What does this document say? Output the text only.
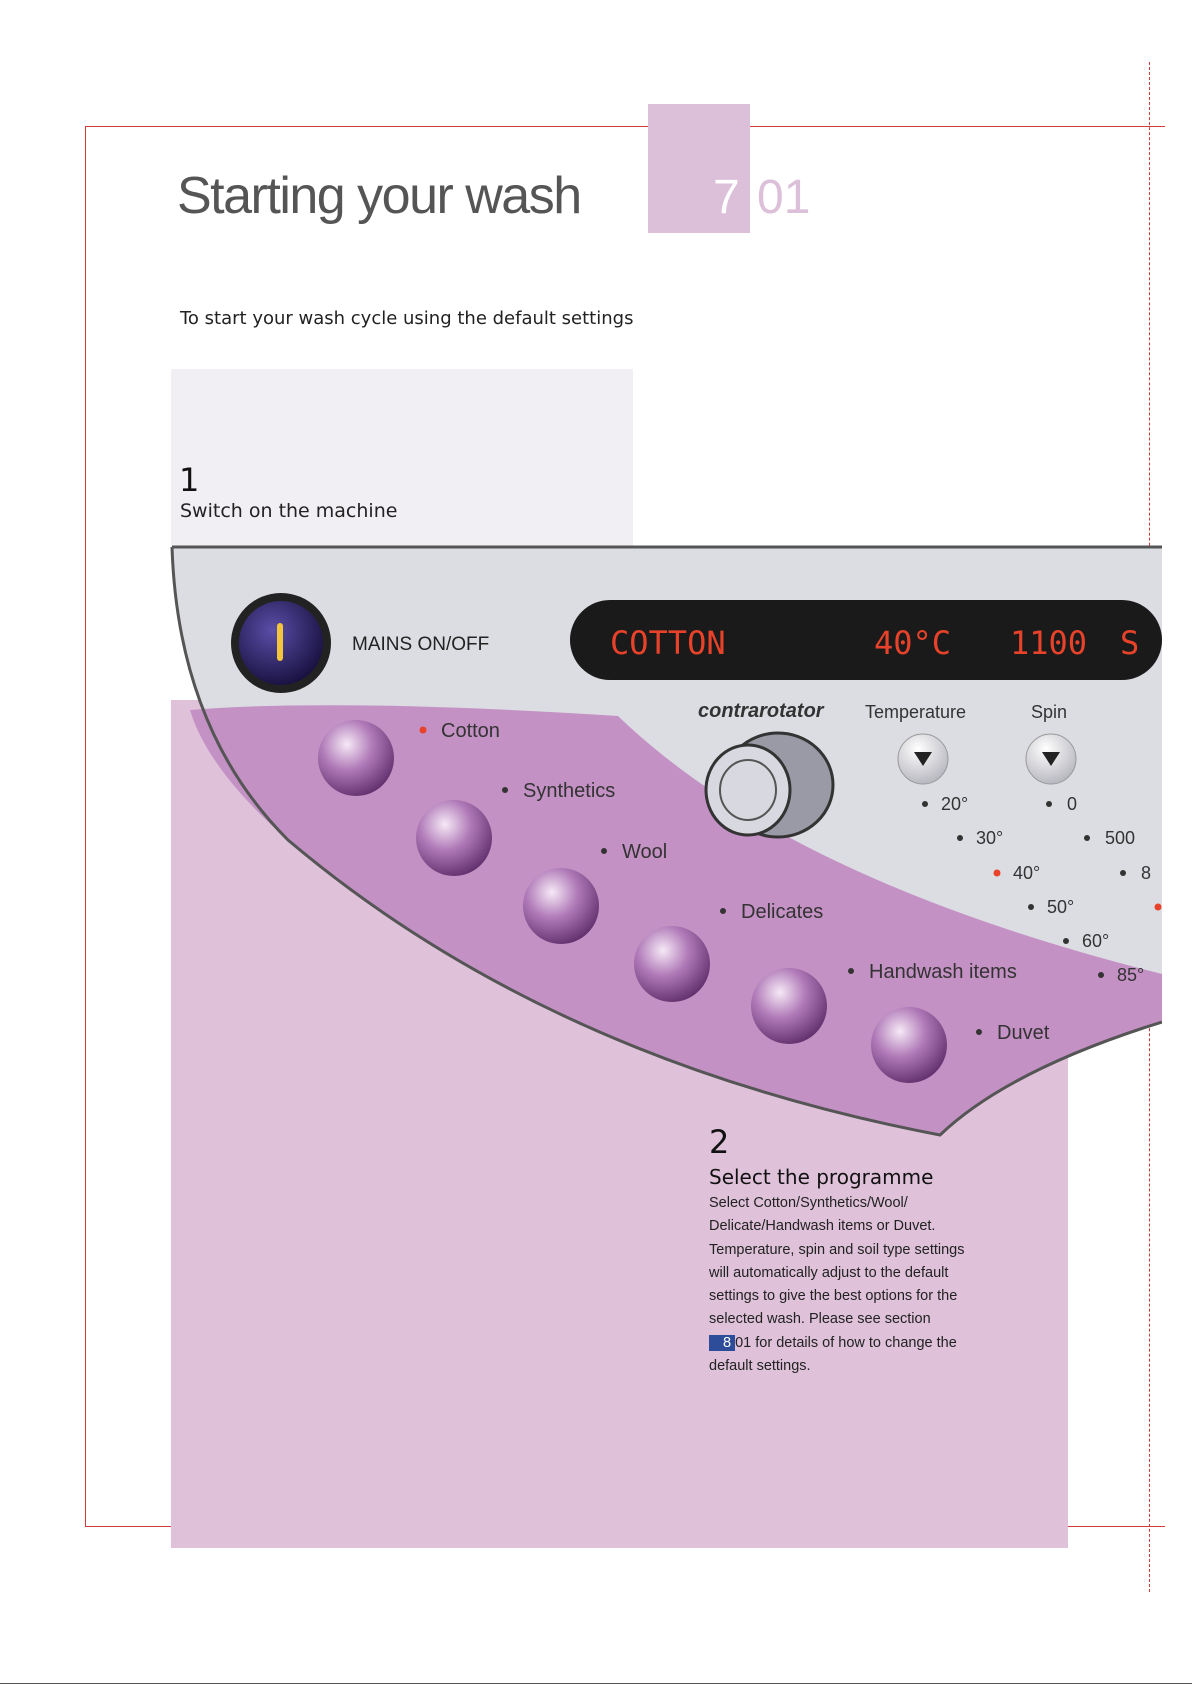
Starting your wash	7 01
To start your wash cycle using the default settings
1
Switch on the machine
MAINS ON/OFF	COTTON	40°C 1100 S
contrarotator Temperature	Spin
20°
30°
40°
50°
60°
85°
0
500
8
Cotton
Synthetics
Wool
Delicates
Handwash items
Duvet
2
Select the programme
Select Cotton/Synthetics/Wool/ Delicate/Handwash items or Duvet. Temperature, spin and soil type settings will automatically adjust to the default settings to give the best options for the selected wash. Please see section 8 01 for details of how to change the default settings.
